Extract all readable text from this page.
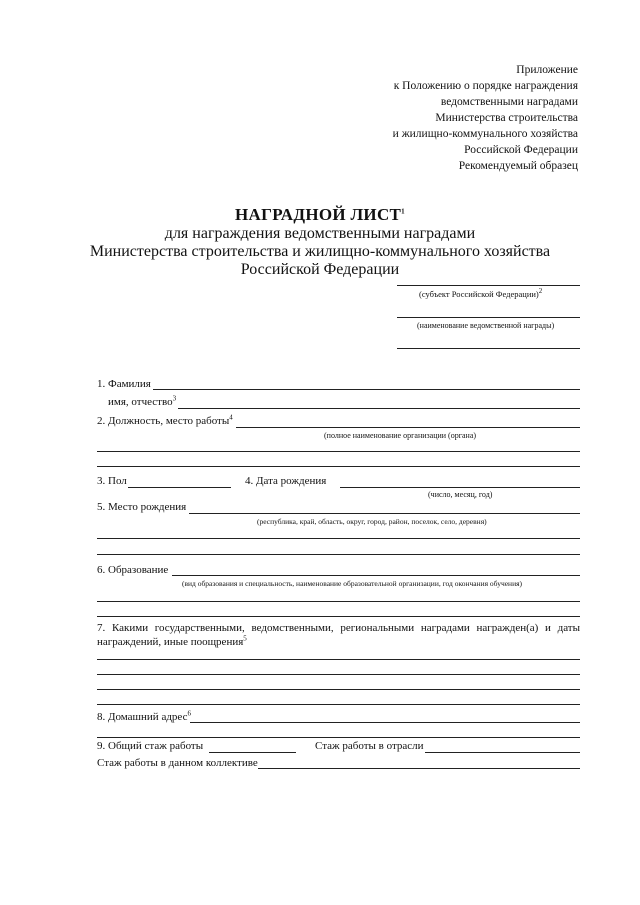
Приложение
к Положению о порядке награждения
ведомственными наградами
Министерства строительства
и жилищно-коммунального хозяйства
Российской Федерации
Рекомендуемый образец
НАГРАДНОЙ ЛИСТ$^1$
для награждения ведомственными наградами
Министерства строительства и жилищно-коммунального хозяйства
Российской Федерации
(субъект Российской Федерации)$^2$
(наименование ведомственной награды)
1. Фамилия
имя, отчество$^3$
2. Должность, место работы$^4$
(полное наименование организации (органа)
3. Пол	4. Дата рождения
(число, месяц, год)
5. Место рождения
(республика, край, область, округ, город, район, поселок, село, деревня)
6. Образование
(вид образования и специальность, наименование образовательной организации, год окончания обучения)
7. Какими государственными, ведомственными, региональными наградами награжден(а) и даты награждений, иные поощрения$^5$
8. Домашний адрес$^6$
9. Общий стаж работы	Стаж работы в отрасли
Стаж работы в данном коллективе
